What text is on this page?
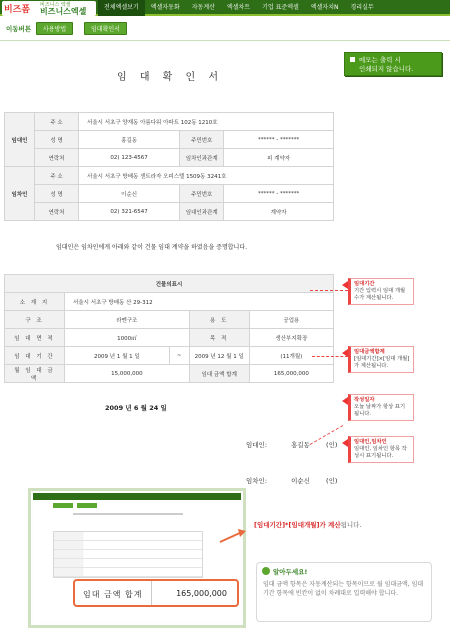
비즈폼 비즈니스 엑셀
비즈니스엑셀	전체엑셀보기	엑셀자동화	자동계산	엑셀차트	기업 표준엑셀	엑셀자치N	경리실무
이동버튼	사용방법	임대확인서
메모는 출력 시
인쇄되지 않습니다.
임 대 확 인 서
임대인	주 소	서울시 서초구 양재동 아름다워 아파트 102동 1210호		
	성 명	홍길동	주민번호	****** - *******
	연락처	02) 123-4567	임차인과관계	피 계약자
임차인	주 소	서울시 서초구 방배동 센트라자 오피스텔 1509동 3241호		
	성 명	이순신	주민번호	****** - *******
	연락처	02) 321-6547	임대인과관계	계약자
임대인은 임차인에게 아래와 같이 건물 임대 계약을 하였음을 증명합니다.
건물의표시				
소 재 지	서울시 서초구 방배동 산 29-312			
구 조	라멘구조		용 도	공업용
임 대 면 적	1000㎡		목 적	생산부지확장
임 대 기 간	2009 년 1 월 1 일	~	2009 년 12 월 1 일	(11개월)
월 임 대 금 액	15,000,000		임대 금액 합계	165,000,000
임대기간
기간 입력시 임대 개월수가 계산됩니다.
임대금액합계
[임대기간]×[임대 개월]가 계산됩니다.
작성일자
오늘 날짜가 항상 표기됩니다.
임대인,임차인
임대인, 임차인 항목 작성시 표기됩니다.
2009 년 6 월 24 일
임대인:	홍길동 (인)
임차인:	이순신 (인)
임대 금액 합계	165,000,000
[임대기간]*[임대개월]가 계산됩니다.
알아두세요!
임대 금액 항목은 자동계산되는 항목이므로 월 임대금액, 임대기간 항목에 빈칸이 없이 차례대로 입력해야 합니다.
